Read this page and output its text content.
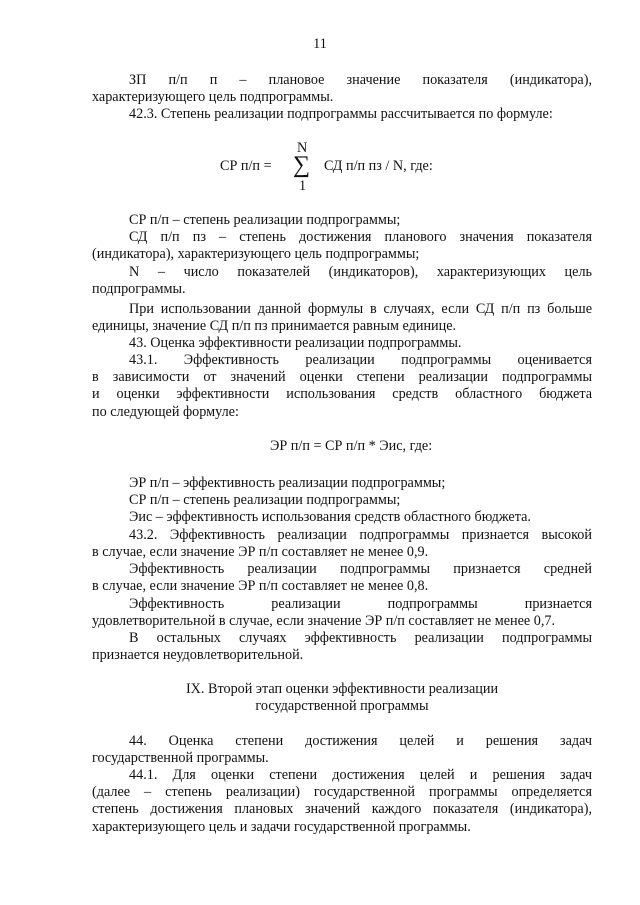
11
ЗП п/п п – плановое значение показателя (индикатора),
характеризующего цель подпрограммы.
42.3. Степень реализации подпрограммы рассчитывается по формуле:
СР п/п =
N
∑
1
СД п/п пз / N, где:
СР п/п – степень реализации подпрограммы;
СД п/п пз – степень достижения планового значения показателя
(индикатора), характеризующего цель подпрограммы;
N – число показателей (индикаторов), характеризующих цель
подпрограммы.
При использовании данной формулы в случаях, если СД п/п пз больше
единицы, значение СД п/п пз принимается равным единице.
43. Оценка эффективности реализации подпрограммы.
43.1. Эффективность реализации подпрограммы оценивается
в зависимости от значений оценки степени реализации подпрограммы
и оценки эффективности использования средств областного бюджета
по следующей формуле:
ЭР п/п = СР п/п * Эис, где:
ЭР п/п – эффективность реализации подпрограммы;
СР п/п – степень реализации подпрограммы;
Эис – эффективность использования средств областного бюджета.
43.2. Эффективность реализации подпрограммы признается высокой
в случае, если значение ЭР п/п составляет не менее 0,9.
Эффективность реализации подпрограммы признается средней
в случае, если значение ЭР п/п составляет не менее 0,8.
Эффективность реализации подпрограммы признается
удовлетворительной в случае, если значение ЭР п/п составляет не менее 0,7.
В остальных случаях эффективность реализации подпрограммы
признается неудовлетворительной.
IX. Второй этап оценки эффективности реализации
государственной программы
44. Оценка степени достижения целей и решения задач
государственной программы.
44.1. Для оценки степени достижения целей и решения задач
(далее – степень реализации) государственной программы определяется
степень достижения плановых значений каждого показателя (индикатора),
характеризующего цель и задачи государственной программы.
